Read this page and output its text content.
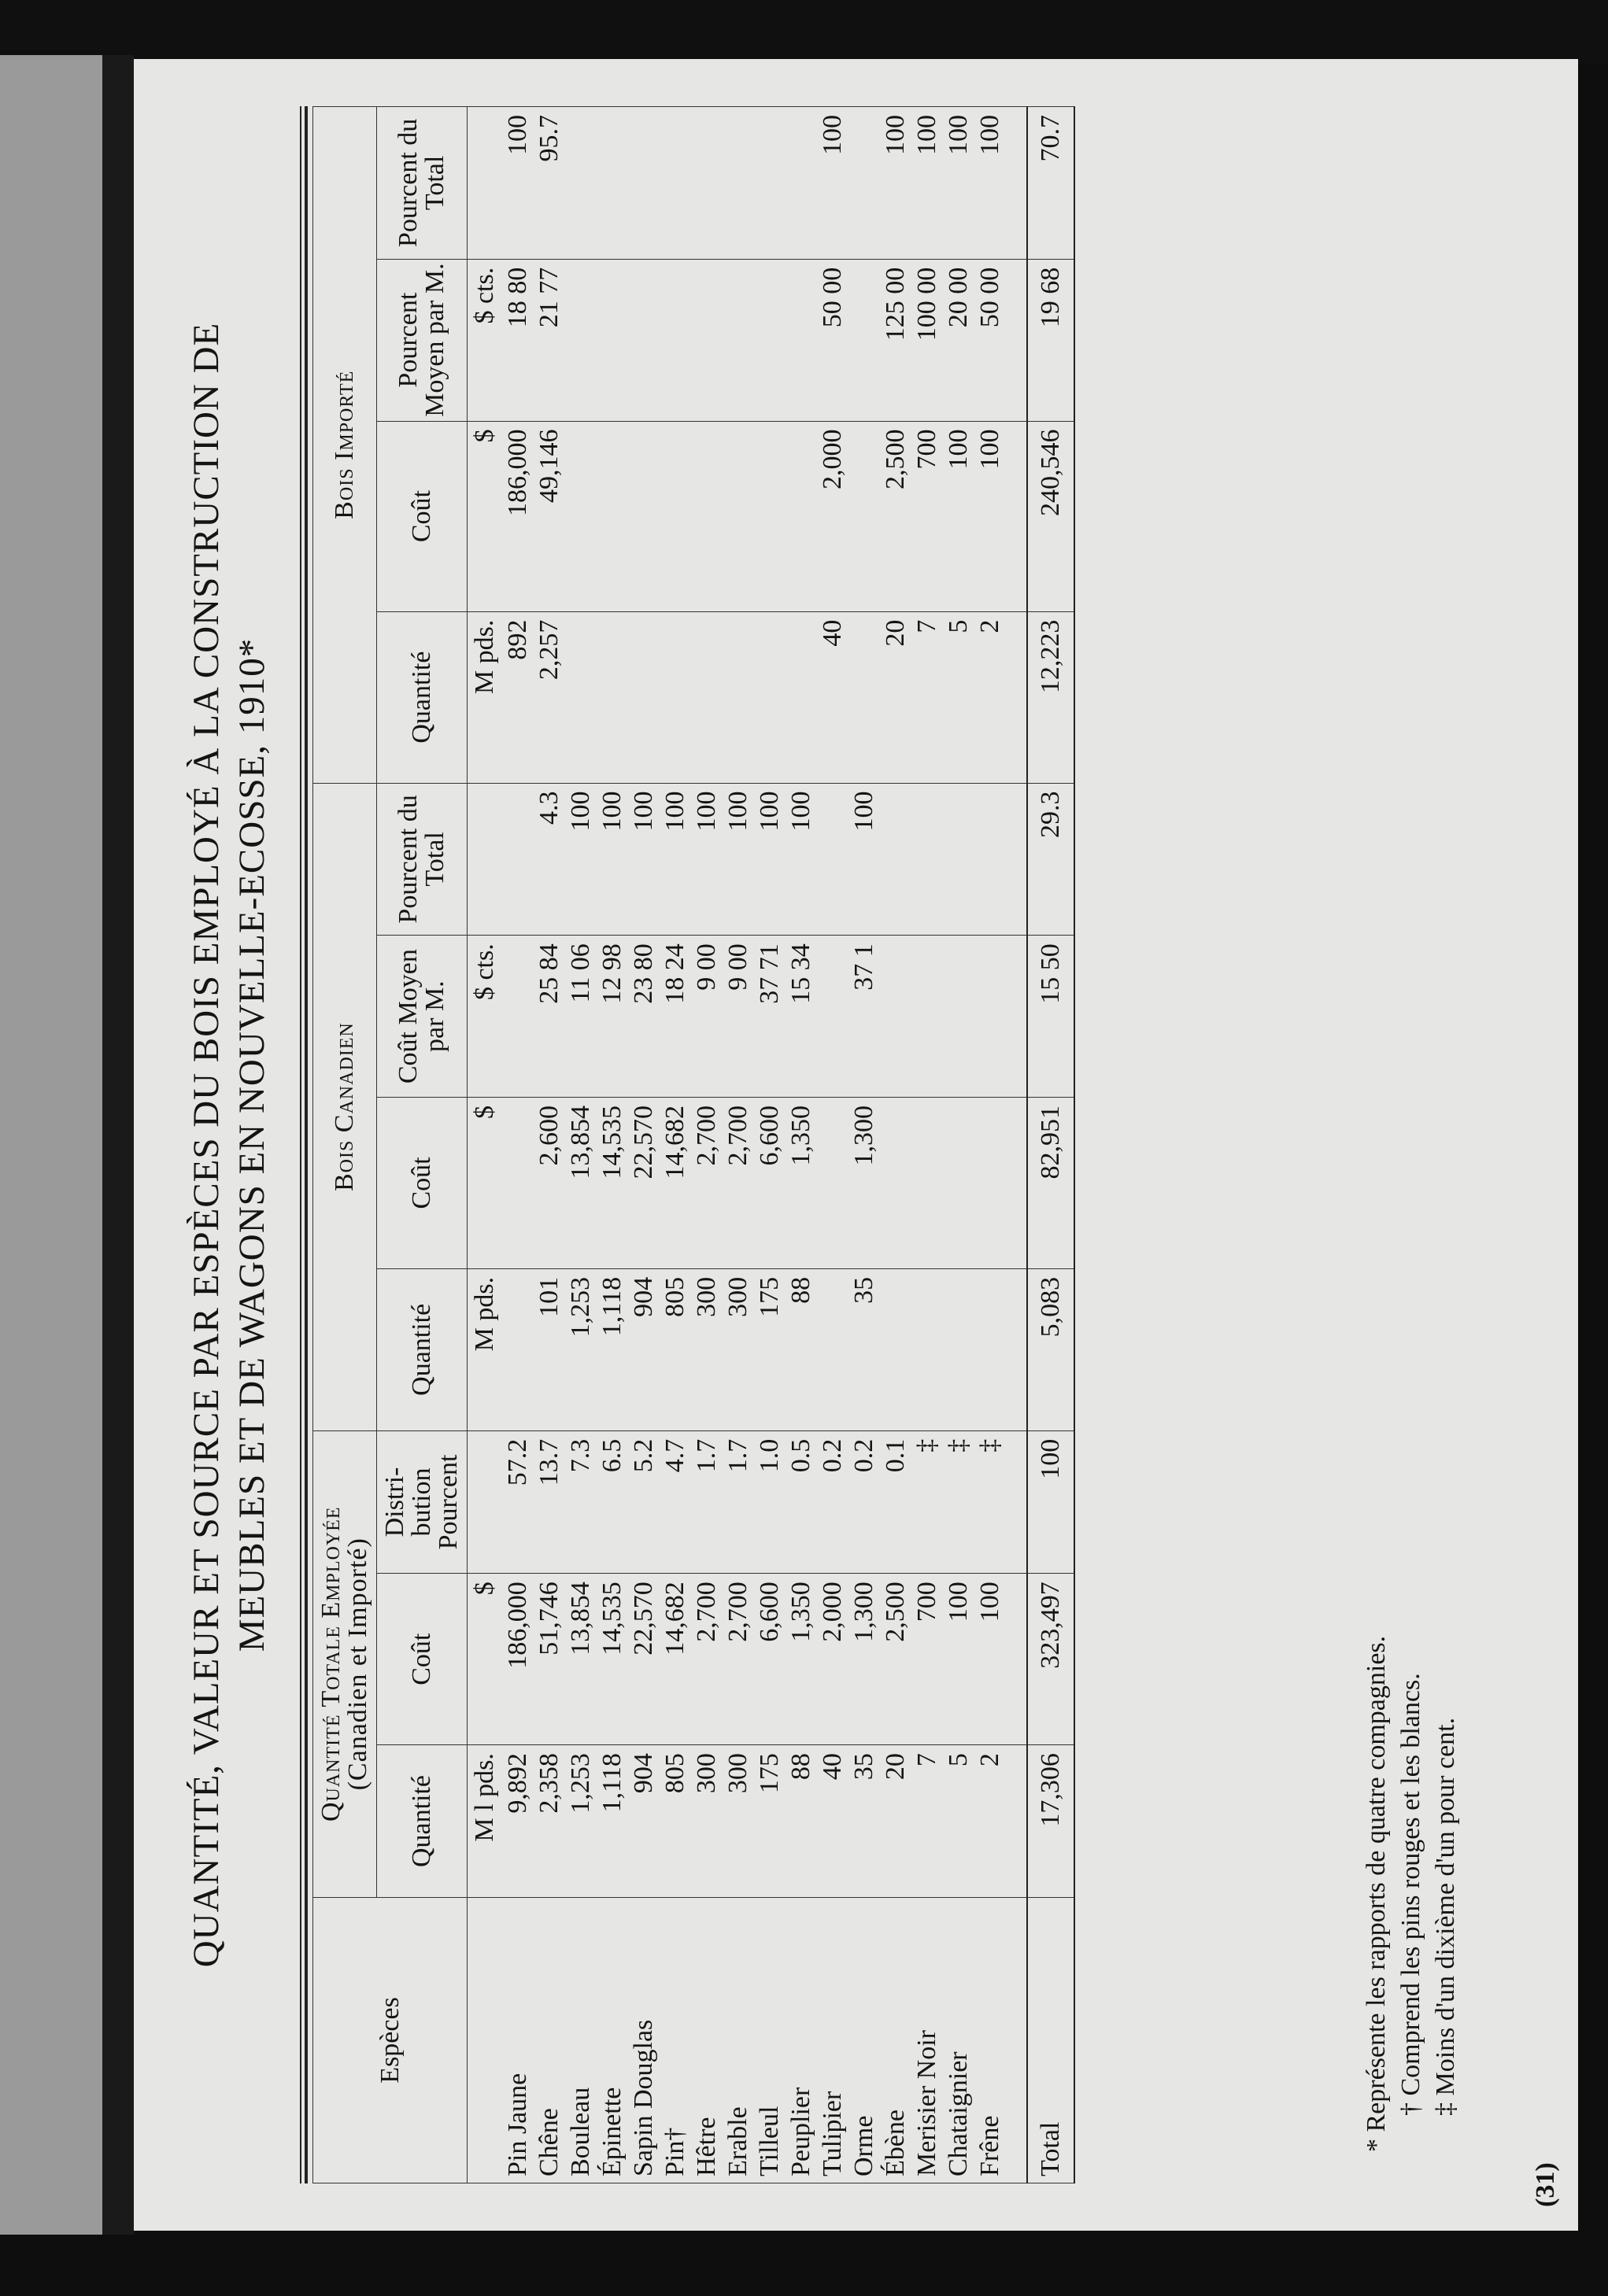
QUANTITÉ, VALEUR ET SOURCE PAR ESPÈCES DU BOIS EMPLOYÉ À LA CONSTRUCTION DE MEUBLES ET DE WAGONS EN NOUVELLE-ECOSSE, 1910*
Espèces	Quantité Totale Employée
(Canadien et Importé)			Bois Canadien				Bois Importé			
	Quantité	Coût	Distri-bution Pourcent	Quantité	Coût	Coût Moyen par M.	Pourcent du Total	Quantité	Coût	Pourcent Moyen par M.	Pourcent du Total
	M l pds.	$		M pds.	$	$ cts.		M pds.	$	$ cts.	
Pin Jaune	9,892	186,000	57.2					892	186,000	18 80	100
Chêne	2,358	51,746	13.7	101	2,600	25 84	4.3	2,257	49,146	21 77	95.7
Bouleau	1,253	13,854	7.3	1,253	13,854	11 06	100				
Épinette	1,118	14,535	6.5	1,118	14,535	12 98	100				
Sapin Douglas	904	22,570	5.2	904	22,570	23 80	100				
Pin†	805	14,682	4.7	805	14,682	18 24	100				
Hêtre	300	2,700	1.7	300	2,700	9 00	100				
Erable	300	2,700	1.7	300	2,700	9 00	100				
Tilleul	175	6,600	1.0	175	6,600	37 71	100				
Peuplier	88	1,350	0.5	88	1,350	15 34	100				
Tulipier	40	2,000	0.2					40	2,000	50 00	100
Orme	35	1,300	0.2	35	1,300	37 1	100				
Ébène	20	2,500	0.1					20	2,500	125 00	100
Merisier Noir	7	700	‡					7	700	100 00	100
Chataignier	5	100	‡					5	100	20 00	100
Frêne	2	100	‡					2	100	50 00	100

Total	17,306	323,497	100	5,083	82,951	15 50	29.3	12,223	240,546	19 68	70.7
* Représente les rapports de quatre compagnies. † Comprend les pins rouges et les blancs. ‡ Moins d'un dixième d'un pour cent.
(31)
